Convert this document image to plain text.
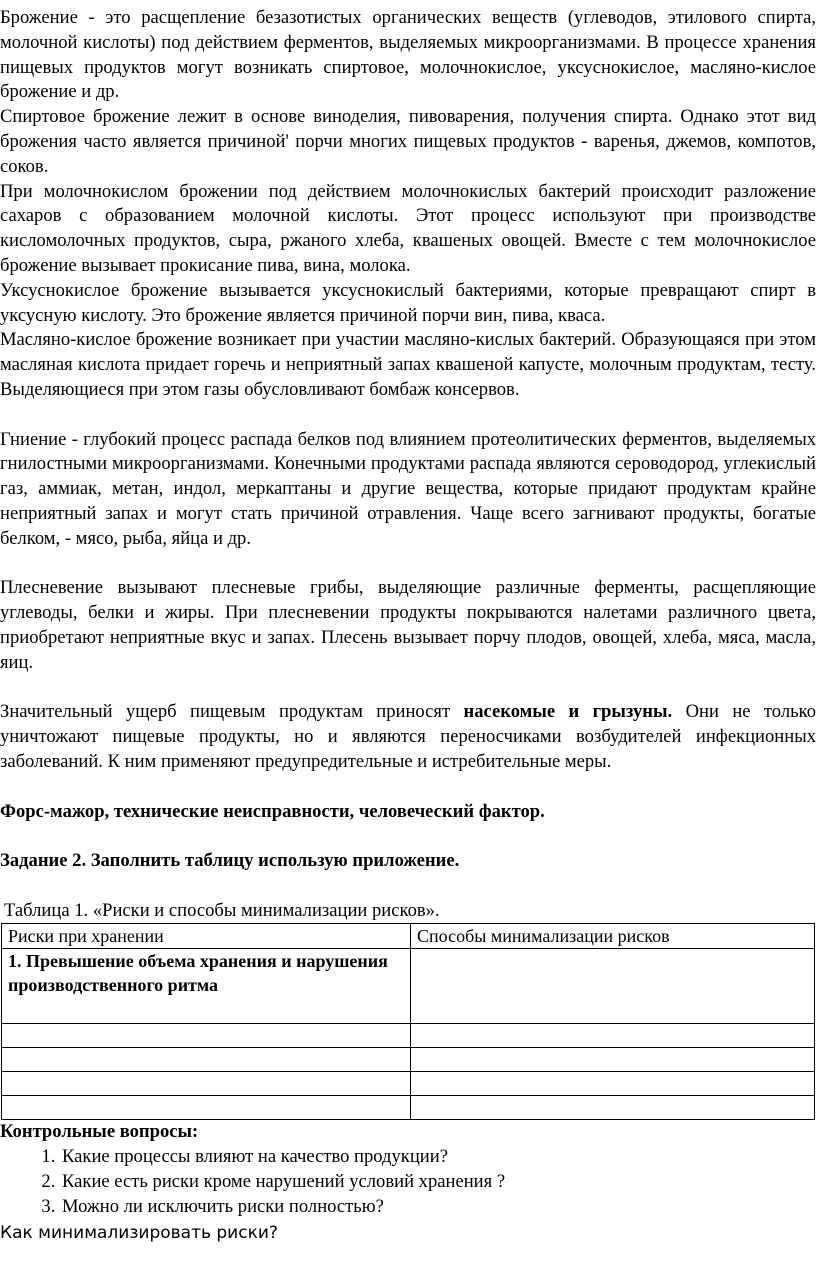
Брожение - это расщепление безазотистых органических веществ (углеводов, этилового спирта, молочной кислоты) под действием ферментов, выделяемых микроорганизмами. В процессе хранения пищевых продуктов могут возникать спиртовое, молочнокислое, уксуснокислое, масляно-кислое брожение и др.

Спиртовое брожение лежит в основе виноделия, пивоварения, получения спирта. Однако этот вид брожения часто является причиной' порчи многих пищевых продуктов - варенья, джемов, компотов, соков.

При молочнокислом брожении под действием молочнокислых бактерий происходит разложение сахаров с образованием молочной кислоты. Этот процесс используют при производстве кисломолочных продуктов, сыра, ржаного хлеба, квашеных овощей. Вместе с тем молочнокислое брожение вызывает прокисание пива, вина, молока.

Уксуснокислое брожение вызывается уксуснокислый бактериями, которые превращают спирт в уксусную кислоту. Это брожение является причиной порчи вин, пива, кваса.

Масляно-кислое брожение возникает при участии масляно-кислых бактерий. Образующаяся при этом масляная кислота придает горечь и неприятный запах квашеной капусте, молочным продуктам, тесту. Выделяющиеся при этом газы обусловливают бомбаж консервов.

Гниение - глубокий процесс распада белков под влиянием протеолитических ферментов, выделяемых гнилостными микроорганизмами. Конечными продуктами распада являются сероводород, углекислый газ, аммиак, метан, индол, меркаптаны и другие вещества, которые придают продуктам крайне неприятный запах и могут стать причиной отравления. Чаще всего загнивают продукты, богатые белком, - мясо, рыба, яйца и др.

Плесневение вызывают плесневые грибы, выделяющие различные ферменты, расщепляющие углеводы, белки и жиры. При плесневении продукты покрываются налетами различного цвета, приобретают неприятные вкус и запах. Плесень вызывает порчу плодов, овощей, хлеба, мяса, масла, яиц.

Значительный ущерб пищевым продуктам приносят насекомые и грызуны. Они не только уничтожают пищевые продукты, но и являются переносчиками возбудителей инфекционных заболеваний. К ним применяют предупредительные и истребительные меры.

Форс-мажор, технические неисправности, человеческий фактор.

Задание 2. Заполнить таблицу использую приложение.

Таблица 1. «Риски и способы минимализации рисков».

Риски при хранении	Способы минимализации рисков
1. Превышение объема хранения и нарушения производственного ритма	

Контрольные вопросы:

1. Какие процессы влияют на качество продукции?
2. Какие есть риски кроме нарушений условий хранения ?
3. Можно ли исключить риски полностью?

Как минимализировать риски?
